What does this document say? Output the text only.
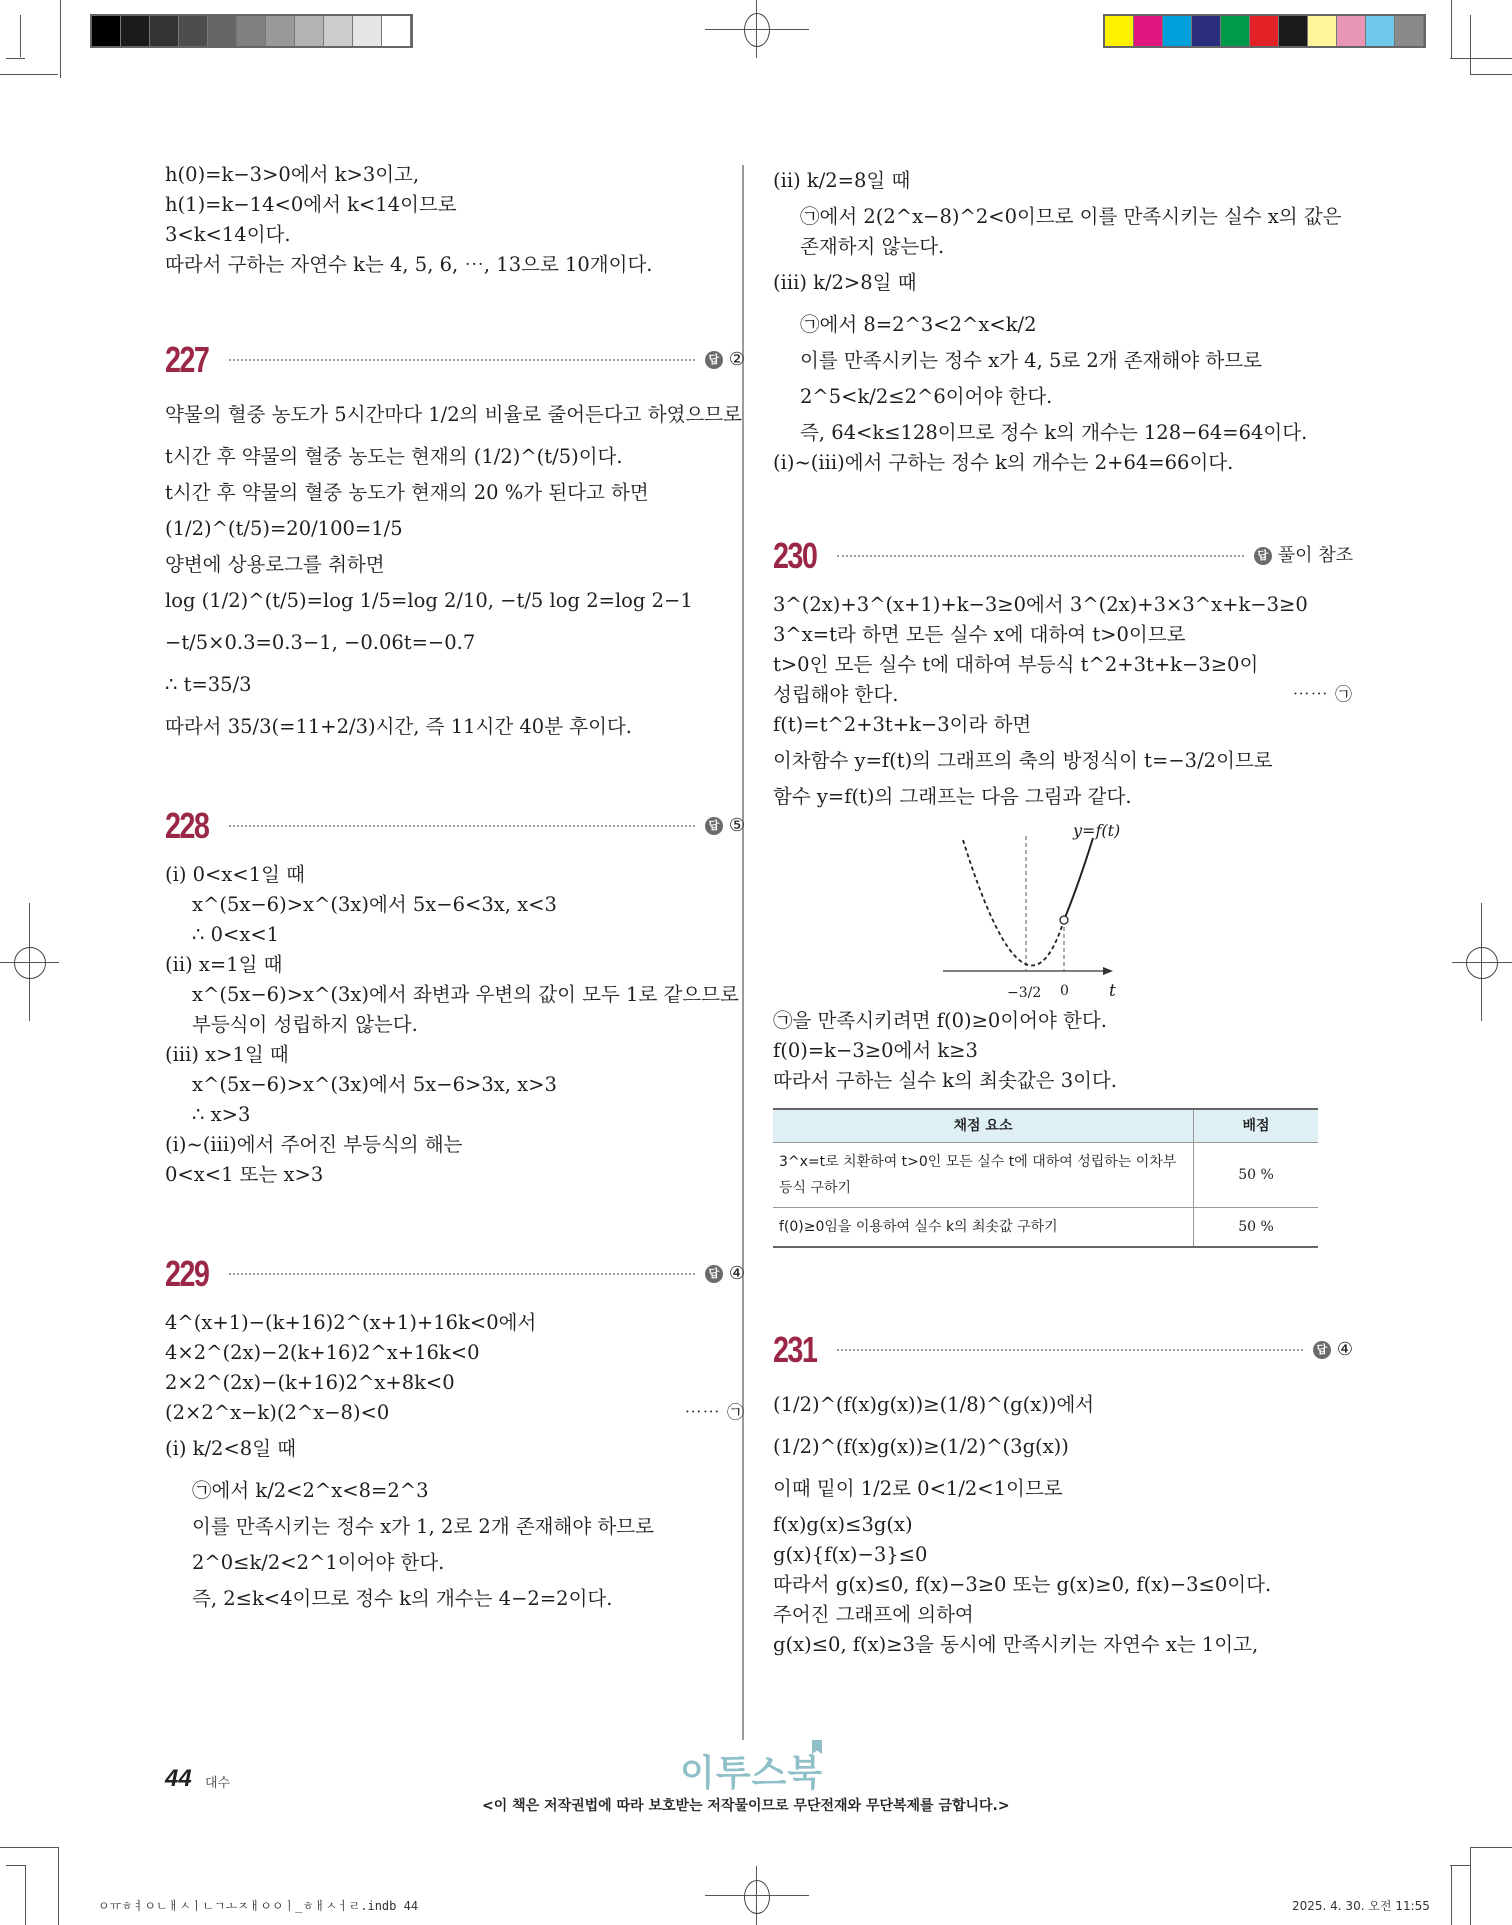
h(0)=k−3>0에서 k>3이고,
h(1)=k−14<0에서 k<14이므로
3<k<14이다.
따라서 구하는 자연수 k는 4, 5, 6, ⋯, 13으로 10개이다.
227	답 ②
약물의 혈중 농도가 5시간마다 1/2의 비율로 줄어든다고 하였으므로
t시간 후 약물의 혈중 농도는 현재의 (1/2)^(t/5)이다.
t시간 후 약물의 혈중 농도가 현재의 20 %가 된다고 하면
(1/2)^(t/5)=20/100=1/5
양변에 상용로그를 취하면
log (1/2)^(t/5)=log 1/5=log 2/10, −t/5 log 2=log 2−1
−t/5×0.3=0.3−1, −0.06t=−0.7
∴ t=35/3
따라서 35/3(=11+2/3)시간, 즉 11시간 40분 후이다.
228	답 ⑤
(i) 0<x<1일 때
x^(5x−6)>x^(3x)에서 5x−6<3x, x<3
∴ 0<x<1
(ii) x=1일 때
x^(5x−6)>x^(3x)에서 좌변과 우변의 값이 모두 1로 같으므로
부등식이 성립하지 않는다.
(iii) x>1일 때
x^(5x−6)>x^(3x)에서 5x−6>3x, x>3
∴ x>3
(i)~(iii)에서 주어진 부등식의 해는
0<x<1 또는 x>3
229	답 ④
4^(x+1)−(k+16)2^(x+1)+16k<0에서
4×2^(2x)−2(k+16)2^x+16k<0
2×2^(2x)−(k+16)2^x+8k<0
(2×2^x−k)(2^x−8)<0	⋯⋯ ㉠
(i) k/2<8일 때
㉠에서 k/2<2^x<8=2^3
이를 만족시키는 정수 x가 1, 2로 2개 존재해야 하므로
2^0≤k/2<2^1이어야 한다.
즉, 2≤k<4이므로 정수 k의 개수는 4−2=2이다.
(ii) k/2=8일 때
㉠에서 2(2^x−8)^2<0이므로 이를 만족시키는 실수 x의 값은
존재하지 않는다.
(iii) k/2>8일 때
㉠에서 8=2^3<2^x<k/2
이를 만족시키는 정수 x가 4, 5로 2개 존재해야 하므로
2^5<k/2≤2^6이어야 한다.
즉, 64<k≤128이므로 정수 k의 개수는 128−64=64이다.
(i)~(iii)에서 구하는 정수 k의 개수는 2+64=66이다.
230	답 풀이 참조
3^(2x)+3^(x+1)+k−3≥0에서 3^(2x)+3×3^x+k−3≥0
3^x=t라 하면 모든 실수 x에 대하여 t>0이므로
t>0인 모든 실수 t에 대하여 부등식 t^2+3t+k−3≥0이
성립해야 한다.	⋯⋯ ㉠
f(t)=t^2+3t+k−3이라 하면
이차함수 y=f(t)의 그래프의 축의 방정식이 t=−3/2이므로
함수 y=f(t)의 그래프는 다음 그림과 같다.
y=f(t)
t
−3/2 0
㉠을 만족시키려면 f(0)≥0이어야 한다.
f(0)=k−3≥0에서 k≥3
따라서 구하는 실수 k의 최솟값은 3이다.
채점 요소	배점
3^x=t로 치환하여 t>0인 모든 실수 t에 대하여 성립하는 이차부등식 구하기	50 %
f(0)≥0임을 이용하여 실수 k의 최솟값 구하기	50 %
231	답 ④
(1/2)^(f(x)g(x))≥(1/8)^(g(x))에서
(1/2)^(f(x)g(x))≥(1/2)^(3g(x))
이때 밑이 1/2로 0<1/2<1이므로
f(x)g(x)≤3g(x)
g(x){f(x)−3}≤0
따라서 g(x)≤0, f(x)−3≥0 또는 g(x)≥0, f(x)−3≤0이다.
주어진 그래프에 의하여
g(x)≤0, f(x)≥3을 동시에 만족시키는 자연수 x는 1이고,
44 대수	이투스북
<이 책은 저작권법에 따라 보호받는 저작물이므로 무단전재와 무단복제를 금합니다.>
ㅇㅠㅎㅕㅇㄴㅐㅅㅣㄴㄱㅗㅈㅐㅇㅇㅣ_ㅎㅐㅅㅓㄹ.indb 44	2025. 4. 30. 오전 11:55
